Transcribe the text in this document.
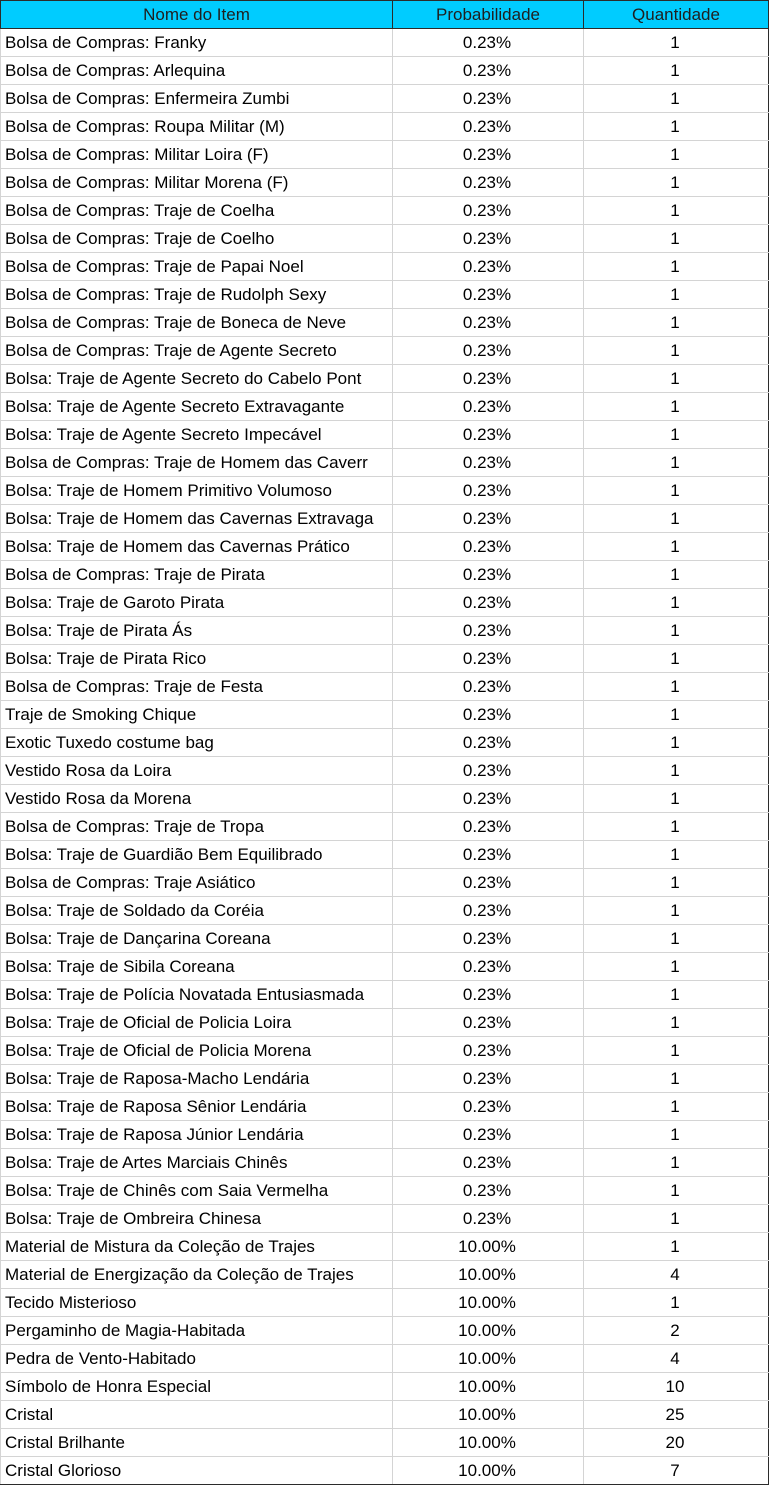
Nome do Item	Probabilidade	Quantidade
Bolsa de Compras: Franky	0.23%	1
Bolsa de Compras: Arlequina	0.23%	1
Bolsa de Compras: Enfermeira Zumbi	0.23%	1
Bolsa de Compras: Roupa Militar (M)	0.23%	1
Bolsa de Compras: Militar Loira (F)	0.23%	1
Bolsa de Compras: Militar Morena (F)	0.23%	1
Bolsa de Compras: Traje de Coelha	0.23%	1
Bolsa de Compras: Traje de Coelho	0.23%	1
Bolsa de Compras: Traje de Papai Noel	0.23%	1
Bolsa de Compras: Traje de Rudolph Sexy	0.23%	1
Bolsa de Compras: Traje de Boneca de Neve	0.23%	1
Bolsa de Compras: Traje de Agente Secreto	0.23%	1
Bolsa: Traje de Agente Secreto do Cabelo Pont	0.23%	1
Bolsa: Traje de Agente Secreto Extravagante	0.23%	1
Bolsa: Traje de Agente Secreto Impecável	0.23%	1
Bolsa de Compras: Traje de Homem das Caverr	0.23%	1
Bolsa: Traje de Homem Primitivo Volumoso	0.23%	1
Bolsa: Traje de Homem das Cavernas Extravaga	0.23%	1
Bolsa: Traje de Homem das Cavernas Prático	0.23%	1
Bolsa de Compras: Traje de Pirata	0.23%	1
Bolsa: Traje de Garoto Pirata	0.23%	1
Bolsa: Traje de Pirata Ás	0.23%	1
Bolsa: Traje de Pirata Rico	0.23%	1
Bolsa de Compras: Traje de Festa	0.23%	1
Traje de Smoking Chique	0.23%	1
Exotic Tuxedo costume bag	0.23%	1
Vestido Rosa da Loira	0.23%	1
Vestido Rosa da Morena	0.23%	1
Bolsa de Compras: Traje de Tropa	0.23%	1
Bolsa: Traje de Guardião Bem Equilibrado	0.23%	1
Bolsa de Compras: Traje Asiático	0.23%	1
Bolsa: Traje de Soldado da Coréia	0.23%	1
Bolsa: Traje de Dançarina Coreana	0.23%	1
Bolsa: Traje de Sibila Coreana	0.23%	1
Bolsa: Traje de Polícia Novatada Entusiasmada	0.23%	1
Bolsa: Traje de Oficial de Policia Loira	0.23%	1
Bolsa: Traje de Oficial de Policia Morena	0.23%	1
Bolsa: Traje de Raposa-Macho Lendária	0.23%	1
Bolsa: Traje de Raposa Sênior Lendária	0.23%	1
Bolsa: Traje de Raposa Júnior Lendária	0.23%	1
Bolsa: Traje de Artes Marciais Chinês	0.23%	1
Bolsa: Traje de Chinês com Saia Vermelha	0.23%	1
Bolsa: Traje de Ombreira Chinesa	0.23%	1
Material de Mistura da Coleção de Trajes	10.00%	1
Material de Energização da Coleção de Trajes	10.00%	4
Tecido Misterioso	10.00%	1
Pergaminho de Magia-Habitada	10.00%	2
Pedra de Vento-Habitado	10.00%	4
Símbolo de Honra Especial	10.00%	10
Cristal	10.00%	25
Cristal Brilhante	10.00%	20
Cristal Glorioso	10.00%	7
